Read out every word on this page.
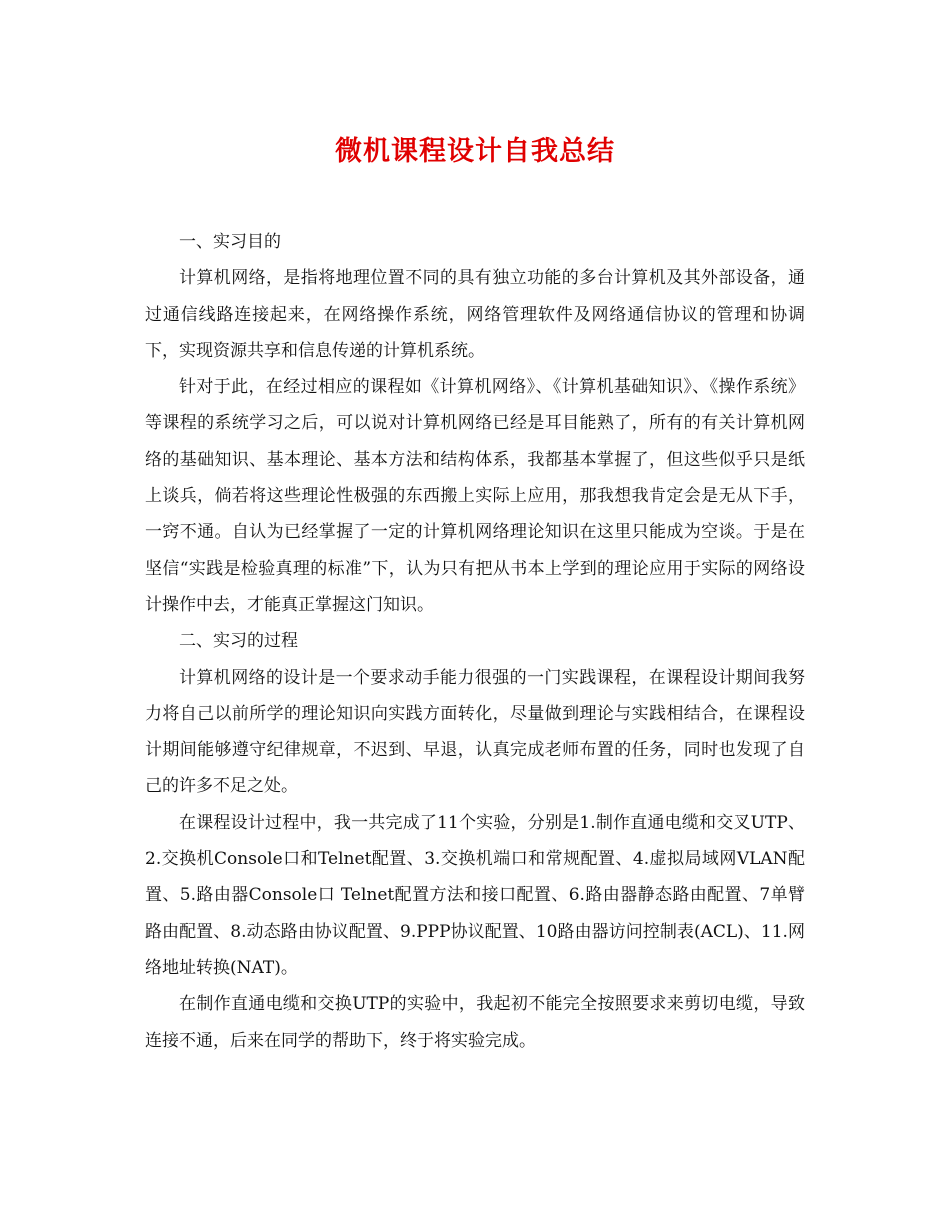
微机课程设计自我总结

一、实习目的

计算机网络，是指将地理位置不同的具有独立功能的多台计算机及其外部设备，通过通信线路连接起来，在网络操作系统，网络管理软件及网络通信协议的管理和协调下，实现资源共享和信息传递的计算机系统。

针对于此，在经过相应的课程如《计算机网络》、《计算机基础知识》、《操作系统》等课程的系统学习之后，可以说对计算机网络已经是耳目能熟了，所有的有关计算机网络的基础知识、基本理论、基本方法和结构体系，我都基本掌握了，但这些似乎只是纸上谈兵，倘若将这些理论性极强的东西搬上实际上应用，那我想我肯定会是无从下手，一窍不通。自认为已经掌握了一定的计算机网络理论知识在这里只能成为空谈。于是在坚信“实践是检验真理的标准”下，认为只有把从书本上学到的理论应用于实际的网络设计操作中去，才能真正掌握这门知识。

二、实习的过程

计算机网络的设计是一个要求动手能力很强的一门实践课程，在课程设计期间我努力将自己以前所学的理论知识向实践方面转化，尽量做到理论与实践相结合，在课程设计期间能够遵守纪律规章，不迟到、早退，认真完成老师布置的任务，同时也发现了自己的许多不足之处。

在课程设计过程中，我一共完成了11个实验，分别是1.制作直通电缆和交叉UTP、2.交换机Console口和Telnet配置、3.交换机端口和常规配置、4.虚拟局域网VLAN配置、5.路由器Console口 Telnet配置方法和接口配置、6.路由器静态路由配置、7单臂路由配置、8.动态路由协议配置、9.PPP协议配置、10路由器访问控制表(ACL)、11.网络地址转换(NAT)。

在制作直通电缆和交换UTP的实验中，我起初不能完全按照要求来剪切电缆，导致连接不通，后来在同学的帮助下，终于将实验完成。
